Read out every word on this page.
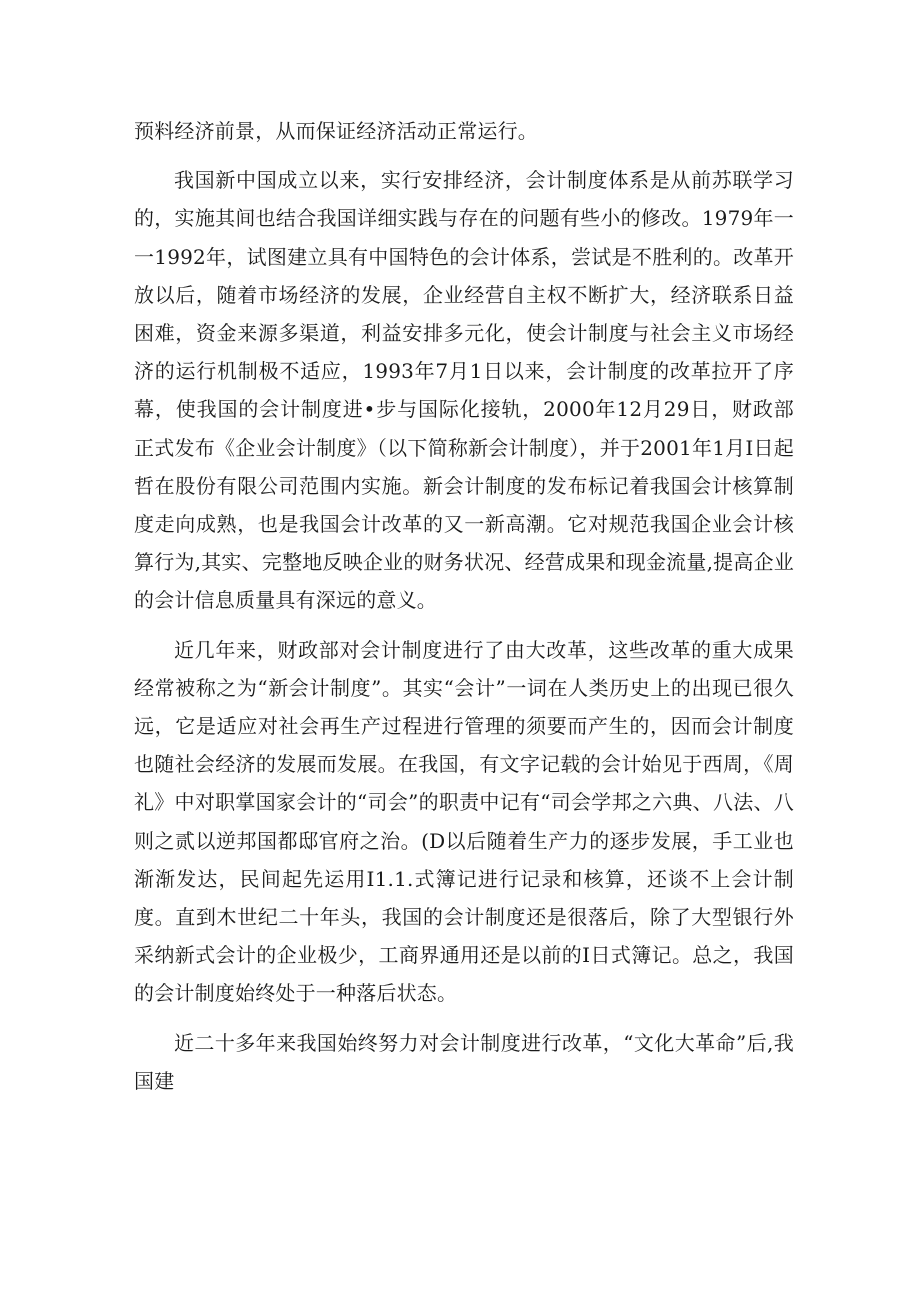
预料经济前景，从而保证经济活动正常运行。

我国新中国成立以来，实行安排经济，会计制度体系是从前苏联学习的，实施其间也结合我国详细实践与存在的问题有些小的修改。1979年一一1992年，试图建立具有中国特色的会计体系，尝试是不胜利的。改革开放以后，随着市场经济的发展，企业经营自主权不断扩大，经济联系日益困难，资金来源多渠道，利益安排多元化，使会计制度与社会主义市场经济的运行机制极不适应，1993年7月1日以来，会计制度的改革拉开了序幕，使我国的会计制度进•步与国际化接轨，2000年12月29日，财政部正式发布《企业会计制度》（以下简称新会计制度），并于2001年1月I日起哲在股份有限公司范围内实施。新会计制度的发布标记着我国会计核算制度走向成熟，也是我国会计改革的又一新高潮。它对规范我国企业会计核算行为,其实、完整地反映企业的财务状况、经营成果和现金流量,提高企业的会计信息质量具有深远的意义。

近几年来，财政部对会计制度进行了由大改革，这些改革的重大成果经常被称之为“新会计制度”。其实“会计”一词在人类历史上的出现已很久远，它是适应对社会再生产过程进行管理的须要而产生的，因而会计制度也随社会经济的发展而发展。在我国，有文字记载的会计始见于西周，《周礼》中对职掌国家会计的“司会”的职责中记有“司会学邦之六典、八法、八则之贰以逆邦国都邸官府之治。(D以后随着生产力的逐步发展，手工业也渐渐发达，民间起先运用I1.1.式簿记进行记录和核算，还谈不上会计制度。直到木世纪二十年头，我国的会计制度还是很落后，除了大型银行外采纳新式会计的企业极少，工商界通用还是以前的I日式簿记。总之，我国的会计制度始终处于一种落后状态。

近二十多年来我国始终努力对会计制度进行改革，“文化大革命”后,我国建
